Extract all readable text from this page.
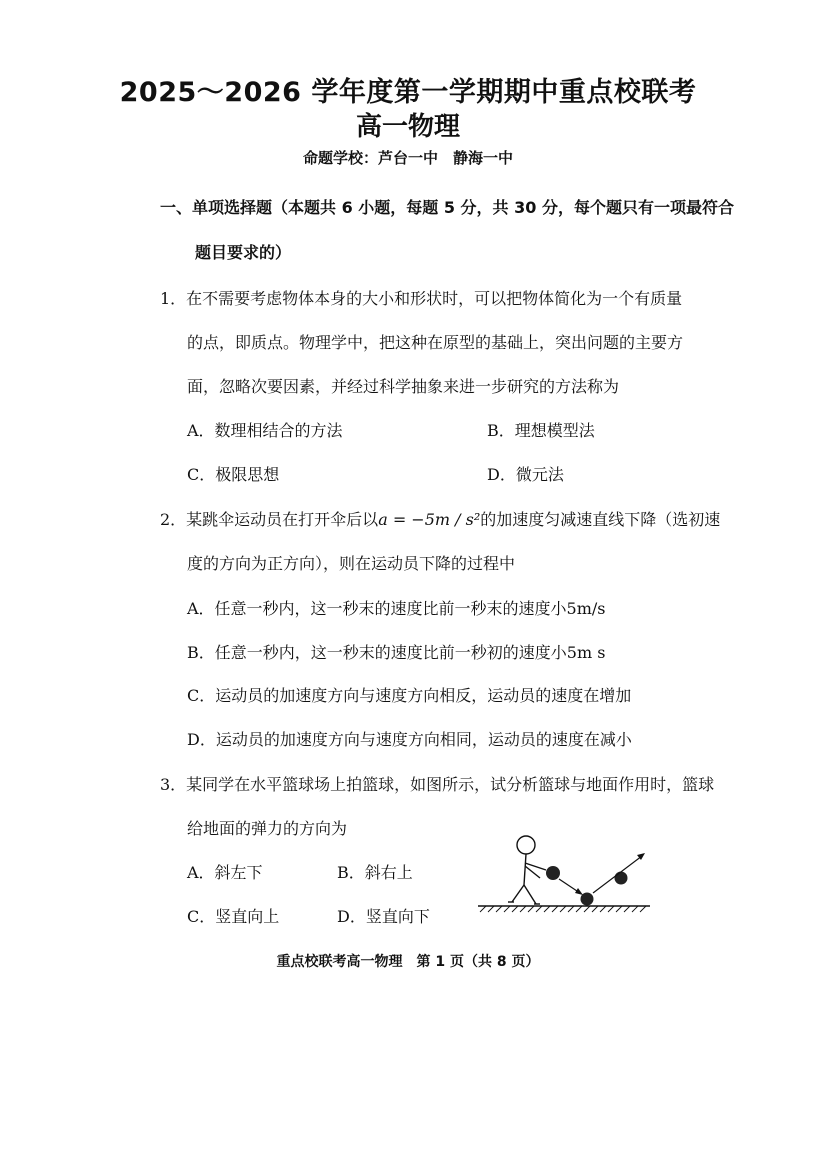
2025～2026 学年度第一学期期中重点校联考
高一物理
命题学校：芦台一中　静海一中
一、单项选择题（本题共 6 小题，每题 5 分，共 30 分，每个题只有一项最符合
题目要求的）
1．在不需要考虑物体本身的大小和形状时，可以把物体简化为一个有质量
的点，即质点。物理学中，把这种在原型的基础上，突出问题的主要方
面，忽略次要因素，并经过科学抽象来进一步研究的方法称为
A．数理相结合的方法	B．理想模型法
C．极限思想	D．微元法
2．某跳伞运动员在打开伞后以a = −5m / s²的加速度匀减速直线下降（选初速
度的方向为正方向），则在运动员下降的过程中
A．任意一秒内，这一秒末的速度比前一秒末的速度小5m/s
B．任意一秒内，这一秒末的速度比前一秒初的速度小5m s
C．运动员的加速度方向与速度方向相反，运动员的速度在增加
D．运动员的加速度方向与速度方向相同，运动员的速度在减小
3．某同学在水平篮球场上拍篮球，如图所示，试分析篮球与地面作用时，篮球
给地面的弹力的方向为
A．斜左下	B．斜右上
C．竖直向上	D．竖直向下
重点校联考高一物理　第 1 页（共 8 页）
